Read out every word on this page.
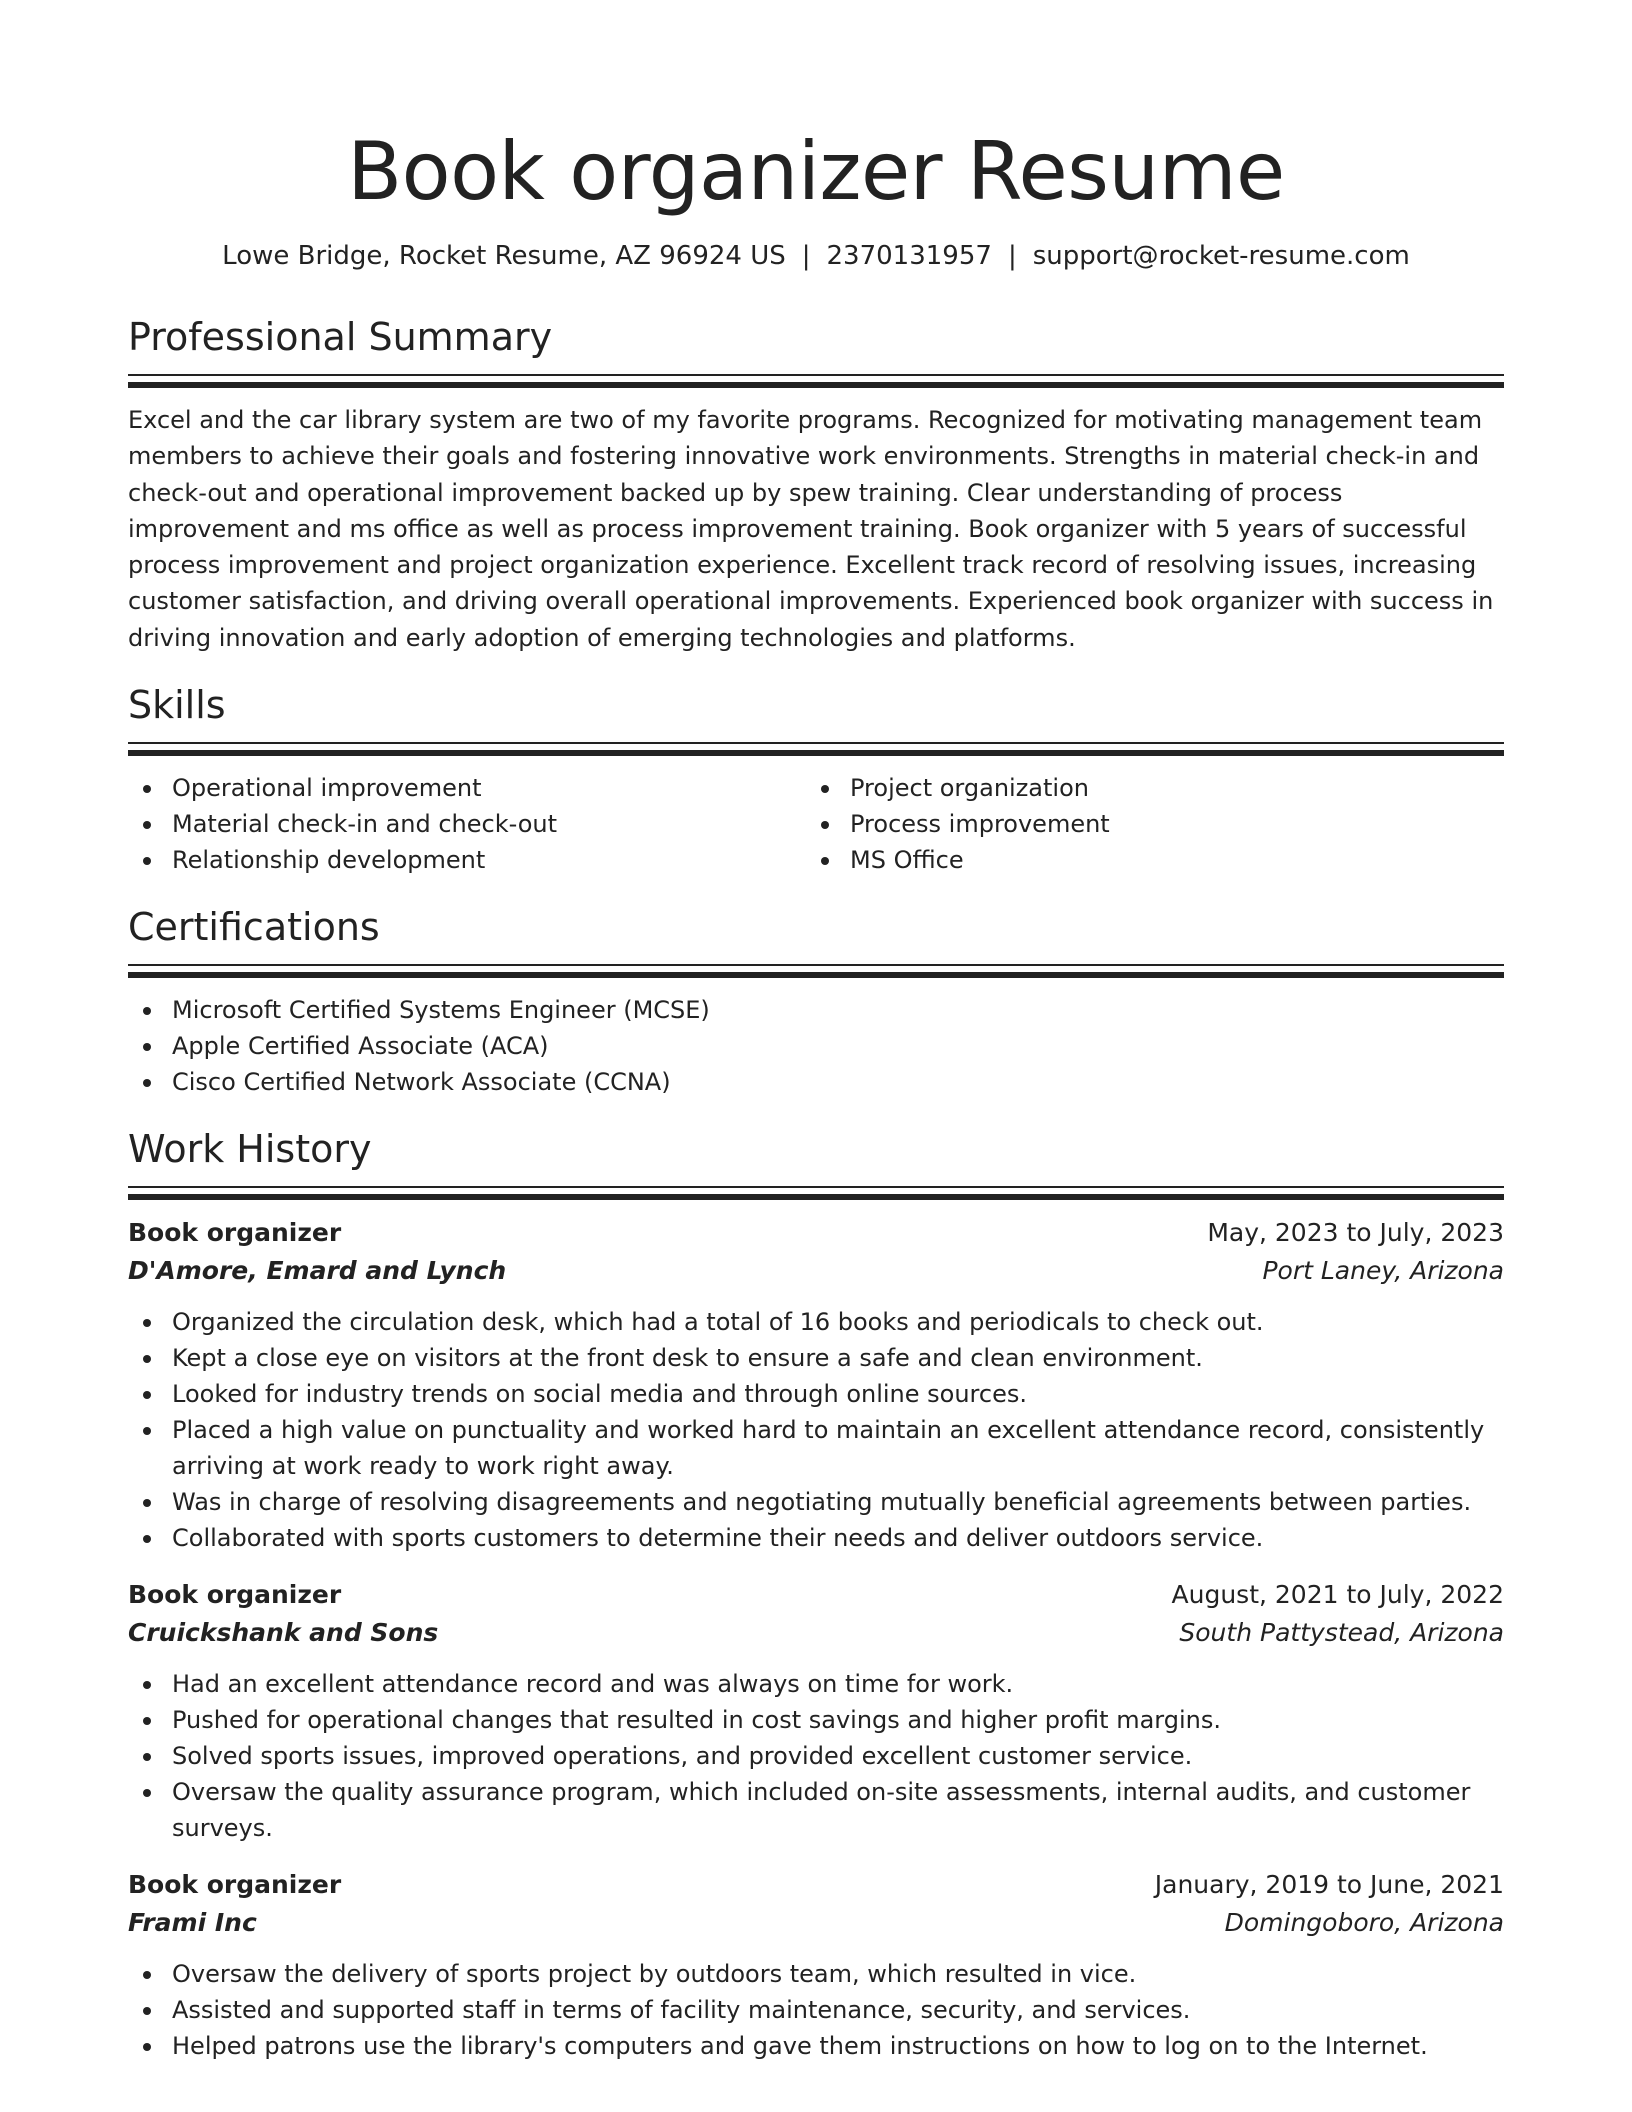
Book organizer Resume
Lowe Bridge, Rocket Resume, AZ 96924 US | 2370131957 | support@rocket-resume.com
Professional Summary

Excel and the car library system are two of my favorite programs. Recognized for motivating management team members to achieve their goals and fostering innovative work environments. Strengths in material check-in and check-out and operational improvement backed up by spew training. Clear understanding of process improvement and ms office as well as process improvement training. Book organizer with 5 years of successful process improvement and project organization experience. Excellent track record of resolving issues, increasing customer satisfaction, and driving overall operational improvements. Experienced book organizer with success in driving innovation and early adoption of emerging technologies and platforms.

Skills
Operational improvement
Material check-in and check-out
Relationship development
Project organization
Process improvement
MS Office
Certifications
Microsoft Certified Systems Engineer (MCSE)
Apple Certified Associate (ACA)
Cisco Certified Network Associate (CCNA)
Work History
Book organizer	May, 2023 to July, 2023
D'Amore, Emard and Lynch	Port Laney, Arizona
Organized the circulation desk, which had a total of 16 books and periodicals to check out.
Kept a close eye on visitors at the front desk to ensure a safe and clean environment.
Looked for industry trends on social media and through online sources.
Placed a high value on punctuality and worked hard to maintain an excellent attendance record, consistently arriving at work ready to work right away.
Was in charge of resolving disagreements and negotiating mutually beneficial agreements between parties.
Collaborated with sports customers to determine their needs and deliver outdoors service.
Book organizer	August, 2021 to July, 2022
Cruickshank and Sons	South Pattystead, Arizona
Had an excellent attendance record and was always on time for work.
Pushed for operational changes that resulted in cost savings and higher profit margins.
Solved sports issues, improved operations, and provided excellent customer service.
Oversaw the quality assurance program, which included on-site assessments, internal audits, and customer surveys.
Book organizer	January, 2019 to June, 2021
Frami Inc	Domingoboro, Arizona
Oversaw the delivery of sports project by outdoors team, which resulted in vice.
Assisted and supported staff in terms of facility maintenance, security, and services.
Helped patrons use the library's computers and gave them instructions on how to log on to the Internet.
